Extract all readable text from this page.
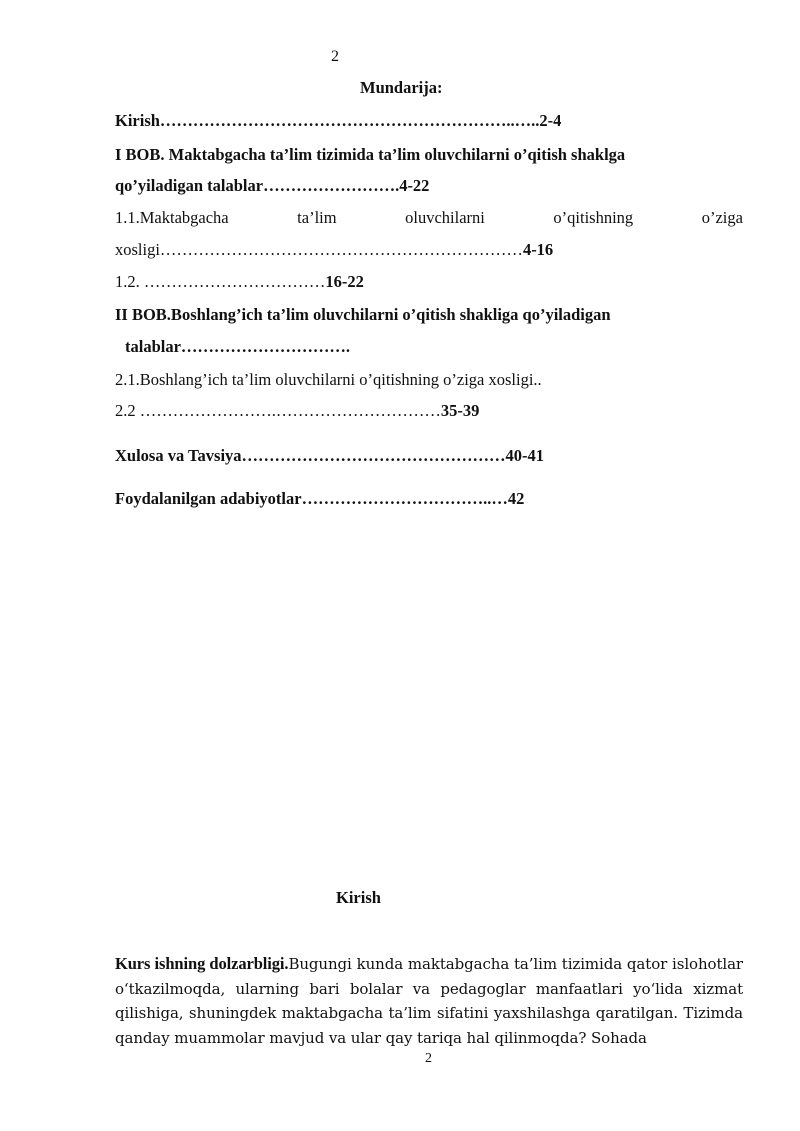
2
Mundarija:
Kirish………………………………………………………..…..2-4
I BOB. Maktabgacha ta’lim tizimida ta’lim oluvchilarni o’qitish shaklga
qo’yiladigan talablar…………………….4-22
1.1.Maktabgacha	ta’lim	oluvchilarni	o’qitishning	o’ziga
xosligi…………………………………………………………4-16
1.2. ……………………………16-22
II BOB.Boshlang’ich ta’lim oluvchilarni o’qitish shakliga qo’yiladigan
talablar………………………….
2.1.Boshlang’ich ta’lim oluvchilarni o’qitishning o’ziga xosligi..
2.2 …………………….…………………………35-39
Xulosa va Tavsiya…………………………………………40-41
Foydalanilgan adabiyotlar……………………………..…42
Kirish
Kurs ishning dolzarbligi.Bugungi kunda maktabgacha ta’lim tizimida qator islohotlar o‘tkazilmoqda, ularning bari bolalar va pedagoglar manfaatlari yo‘lida xizmat qilishiga, shuningdek maktabgacha ta’lim sifatini yaxshilashga qaratilgan. Tizimda qanday muammolar mavjud va ular qay tariqa hal qilinmoqda? Sohada
2
